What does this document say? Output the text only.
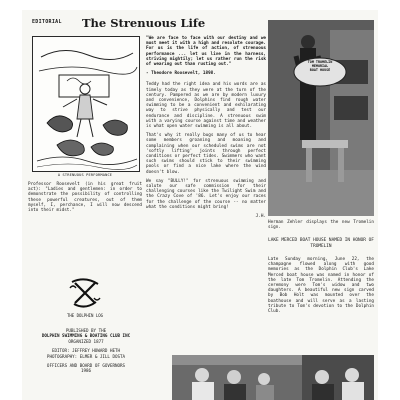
EDITORIAL The Strenuous Life
A STRENUOUS PERFORMANCE
Professor Roosevelt (in his great fruit act): "Ladies and gentlemen: in order to demonstrate the possibility of controlling these powerful creatures, out of them myself, I, perchance, I will now descend into their midst."
THE DOLPHIN LOG
PUBLISHED BY THE
DOLPHIN SWIMMING & BOATING CLUB INC
ORGANIZED 1877
EDITOR: JEFFREY HOWARD HETH
PHOTOGRAPHY: ELMER & JILL DOSTA
OFFICERS AND BOARD OF GOVERNORS
1986

"We are face to face with our destiny and we must meet it with a high and resolute courage. For us is the life of action, of strenuous performance ... let us live in the harness, striving mightily; let us rather run the risk of wearing out than rusting out."

- Theodore Roosevelt, 1898.

Teddy had the right idea and his words are as timely today as they were at the turn of the century. Pampered as we are by modern luxury and convenience, Dolphins find rough water swimming to be a convenient and exhilarating way to strive physically and test our endurance and discipline. A strenuous swim with a varying course against time and weather is what open water swimming is all about.

That's why it really bugs many of us to hear some members groaning and moaning and complaining when our scheduled swims are not 'softly lifting' joints through perfect conditions or perfect tides. Swimmers who want such swims should stick to their swimming pools or find a nice lake where the wind doesn't blow.

We say "BULLY!" for strenuous swimming and salute our safe commission for their challenging courses like the Twilight Swim and the Crazy Cove of '86. Let's enjoy our races for the challenge of the course -- no matter what the conditions might bring!

J.H.
TOM TROMELIN
MEMORIAL
BOAT HOUSE
Herman Zehler displays the new Tromelin sign.
LAKE MERCED BOAT HOUSE NAMED IN HONOR OF TROMELIN
Late Sunday morning, June 22, the champagne flowed along with good memories as the Dolphin Club's Lake Merced boat house was named in honor of the late Tom Tromelin. Attending the ceremony were Tom's widow and two daughters. A beautiful new sign carved by Bob Holt was mounted over the boathouse and will serve as a lasting tribute to Tom's devotion to the Dolphin Club.
